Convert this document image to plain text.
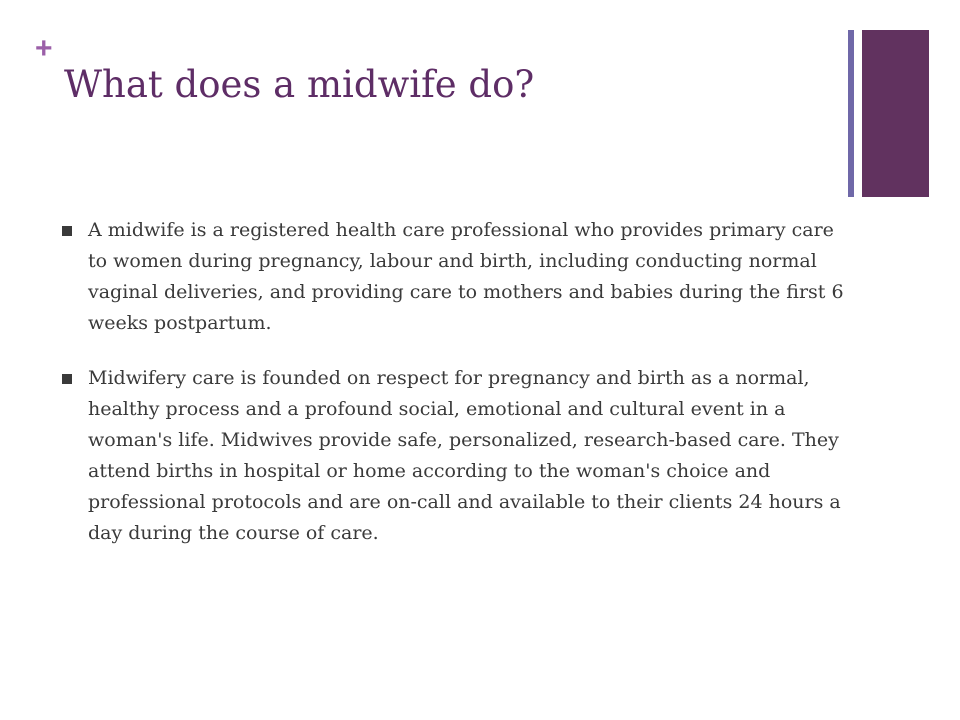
+
What does a midwife do?
A midwife is a registered health care professional who provides primary care to women during pregnancy, labour and birth, including conducting normal vaginal deliveries, and providing care to mothers and babies during the first 6 weeks postpartum.
Midwifery care is founded on respect for pregnancy and birth as a normal, healthy process and a profound social, emotional and cultural event in a woman's life. Midwives provide safe, personalized, research-based care. They attend births in hospital or home according to the woman's choice and professional protocols and are on-call and available to their clients 24 hours a day during the course of care.
